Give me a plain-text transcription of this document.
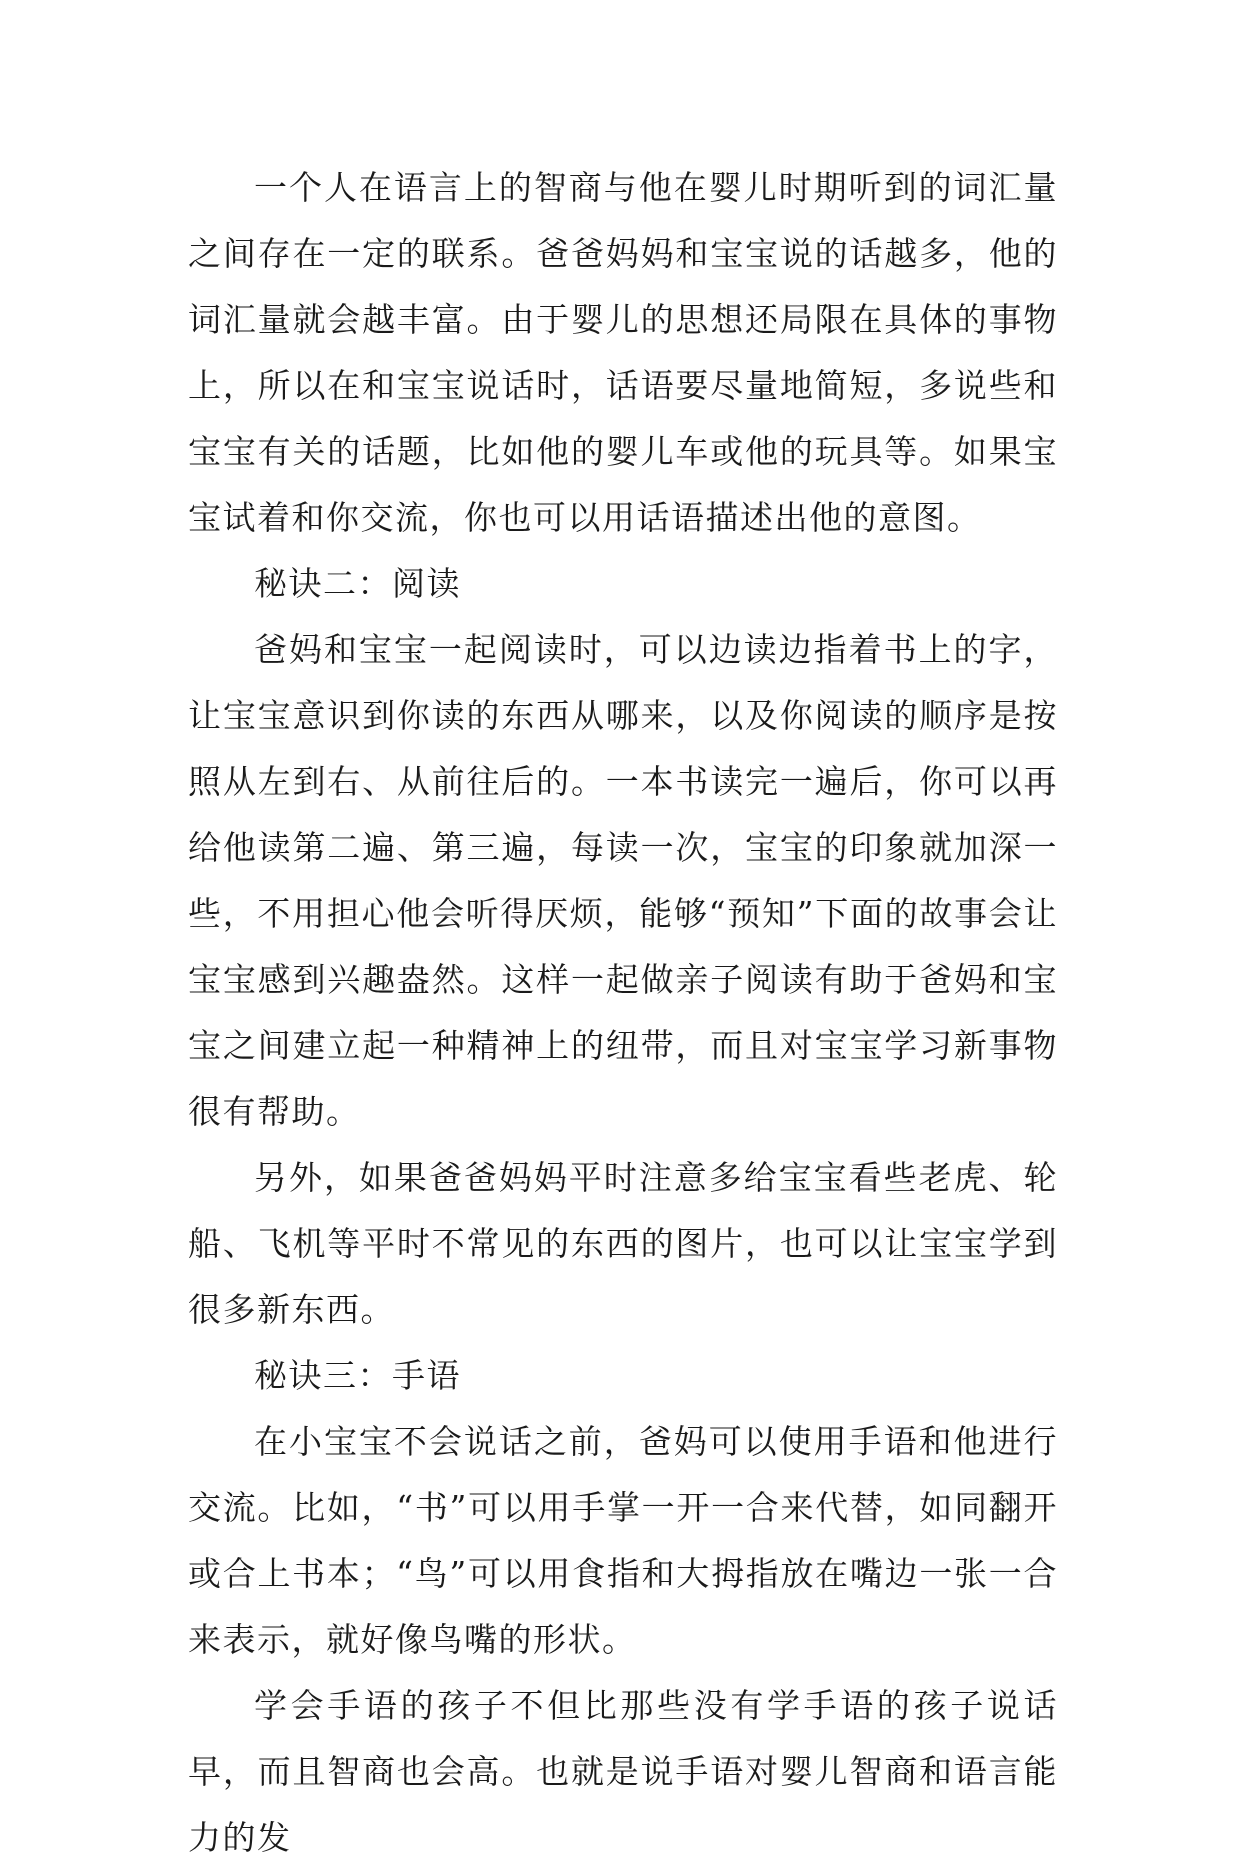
一个人在语言上的智商与他在婴儿时期听到的词汇量之间存在一定的联系。爸爸妈妈和宝宝说的话越多，他的词汇量就会越丰富。由于婴儿的思想还局限在具体的事物上，所以在和宝宝说话时，话语要尽量地简短，多说些和宝宝有关的话题，比如他的婴儿车或他的玩具等。如果宝宝试着和你交流，你也可以用话语描述出他的意图。

秘诀二：阅读

爸妈和宝宝一起阅读时，可以边读边指着书上的字，让宝宝意识到你读的东西从哪来，以及你阅读的顺序是按照从左到右、从前往后的。一本书读完一遍后，你可以再给他读第二遍、第三遍，每读一次，宝宝的印象就加深一些，不用担心他会听得厌烦，能够“预知”下面的故事会让宝宝感到兴趣盎然。这样一起做亲子阅读有助于爸妈和宝宝之间建立起一种精神上的纽带，而且对宝宝学习新事物很有帮助。

另外，如果爸爸妈妈平时注意多给宝宝看些老虎、轮船、飞机等平时不常见的东西的图片，也可以让宝宝学到很多新东西。

秘诀三：手语

在小宝宝不会说话之前，爸妈可以使用手语和他进行交流。比如，“书”可以用手掌一开一合来代替，如同翻开或合上书本；“鸟”可以用食指和大拇指放在嘴边一张一合来表示，就好像鸟嘴的形状。

学会手语的孩子不但比那些没有学手语的孩子说话早，而且智商也会高。也就是说手语对婴儿智商和语言能力的发
